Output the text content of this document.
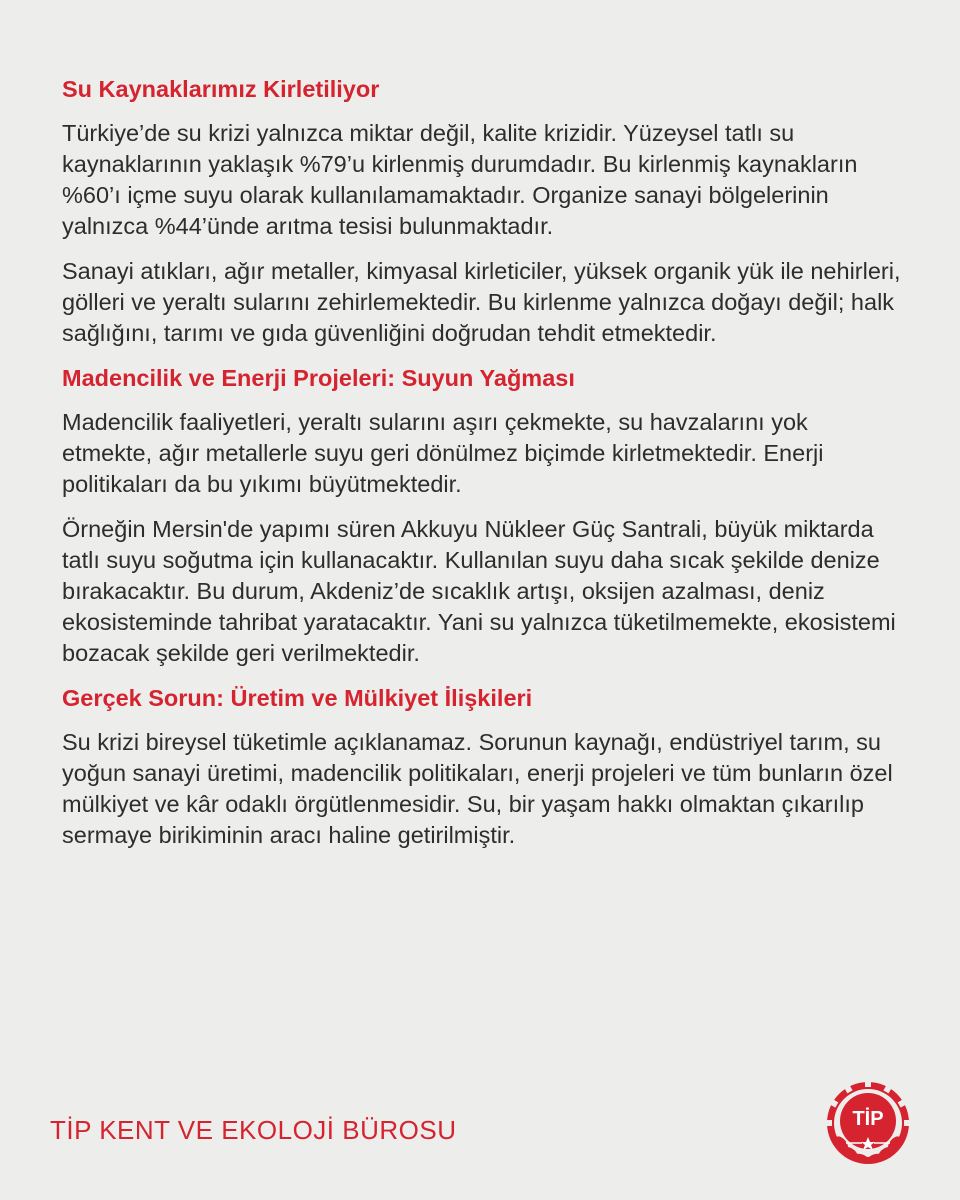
Su Kaynaklarımız Kirletiliyor

Türkiye’de su krizi yalnızca miktar değil, kalite krizidir. Yüzeysel tatlı su kaynaklarının yaklaşık %79’u kirlenmiş durumdadır. Bu kirlenmiş kaynakların %60’ı içme suyu olarak kullanılamamaktadır. Organize sanayi bölgelerinin yalnızca %44’ünde arıtma tesisi bulunmaktadır.

Sanayi atıkları, ağır metaller, kimyasal kirleticiler, yüksek organik yük ile nehirleri, gölleri ve yeraltı sularını zehirlemektedir. Bu kirlenme yalnızca doğayı değil; halk sağlığını, tarımı ve gıda güvenliğini doğrudan tehdit etmektedir.

Madencilik ve Enerji Projeleri: Suyun Yağması

Madencilik faaliyetleri, yeraltı sularını aşırı çekmekte, su havzalarını yok etmekte, ağır metallerle suyu geri dönülmez biçimde kirletmektedir. Enerji politikaları da bu yıkımı büyütmektedir.

Örneğin Mersin'de yapımı süren Akkuyu Nükleer Güç Santrali, büyük miktarda tatlı suyu soğutma için kullanacaktır. Kullanılan suyu daha sıcak şekilde denize bırakacaktır. Bu durum, Akdeniz’de sıcaklık artışı, oksijen azalması, deniz ekosisteminde tahribat yaratacaktır. Yani su yalnızca tüketilmemekte, ekosistemi bozacak şekilde geri verilmektedir.

Gerçek Sorun: Üretim ve Mülkiyet İlişkileri

Su krizi bireysel tüketimle açıklanamaz. Sorunun kaynağı, endüstriyel tarım, su yoğun sanayi üretimi, madencilik politikaları, enerji projeleri ve tüm bunların özel mülkiyet ve kâr odaklı örgütlenmesidir. Su, bir yaşam hakkı olmaktan çıkarılıp sermaye birikiminin aracı haline getirilmiştir.

TİP KENT VE EKOLOJİ BÜROSU	TİP
